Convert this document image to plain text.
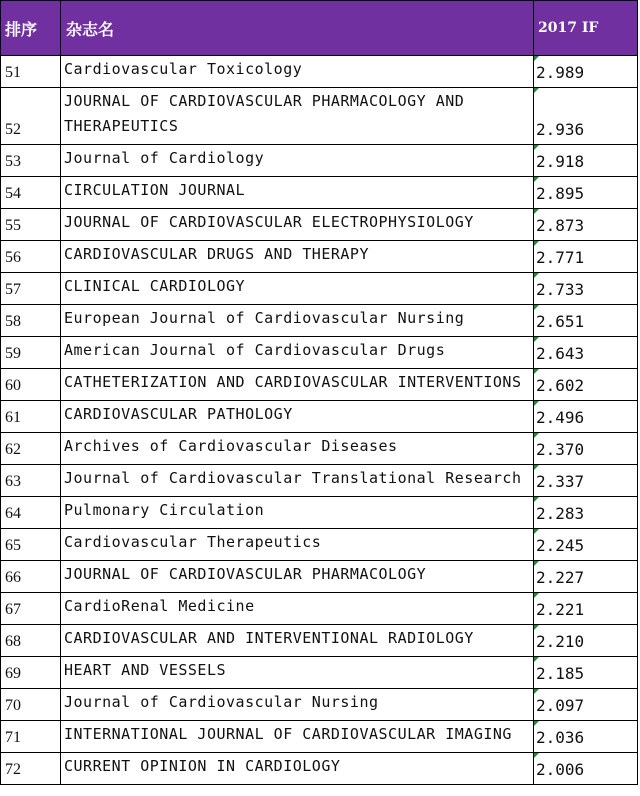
排序	杂志名	2017 IF
51	Cardiovascular Toxicology	2.989
52	JOURNAL OF CARDIOVASCULAR PHARMACOLOGY AND THERAPEUTICS	2.936
53	Journal of Cardiology	2.918
54	CIRCULATION JOURNAL	2.895
55	JOURNAL OF CARDIOVASCULAR ELECTROPHYSIOLOGY	2.873
56	CARDIOVASCULAR DRUGS AND THERAPY	2.771
57	CLINICAL CARDIOLOGY	2.733
58	European Journal of Cardiovascular Nursing	2.651
59	American Journal of Cardiovascular Drugs	2.643
60	CATHETERIZATION AND CARDIOVASCULAR INTERVENTIONS	2.602
61	CARDIOVASCULAR PATHOLOGY	2.496
62	Archives of Cardiovascular Diseases	2.370
63	Journal of Cardiovascular Translational Research	2.337
64	Pulmonary Circulation	2.283
65	Cardiovascular Therapeutics	2.245
66	JOURNAL OF CARDIOVASCULAR PHARMACOLOGY	2.227
67	CardioRenal Medicine	2.221
68	CARDIOVASCULAR AND INTERVENTIONAL RADIOLOGY	2.210
69	HEART AND VESSELS	2.185
70	Journal of Cardiovascular Nursing	2.097
71	INTERNATIONAL JOURNAL OF CARDIOVASCULAR IMAGING	2.036
72	CURRENT OPINION IN CARDIOLOGY	2.006
